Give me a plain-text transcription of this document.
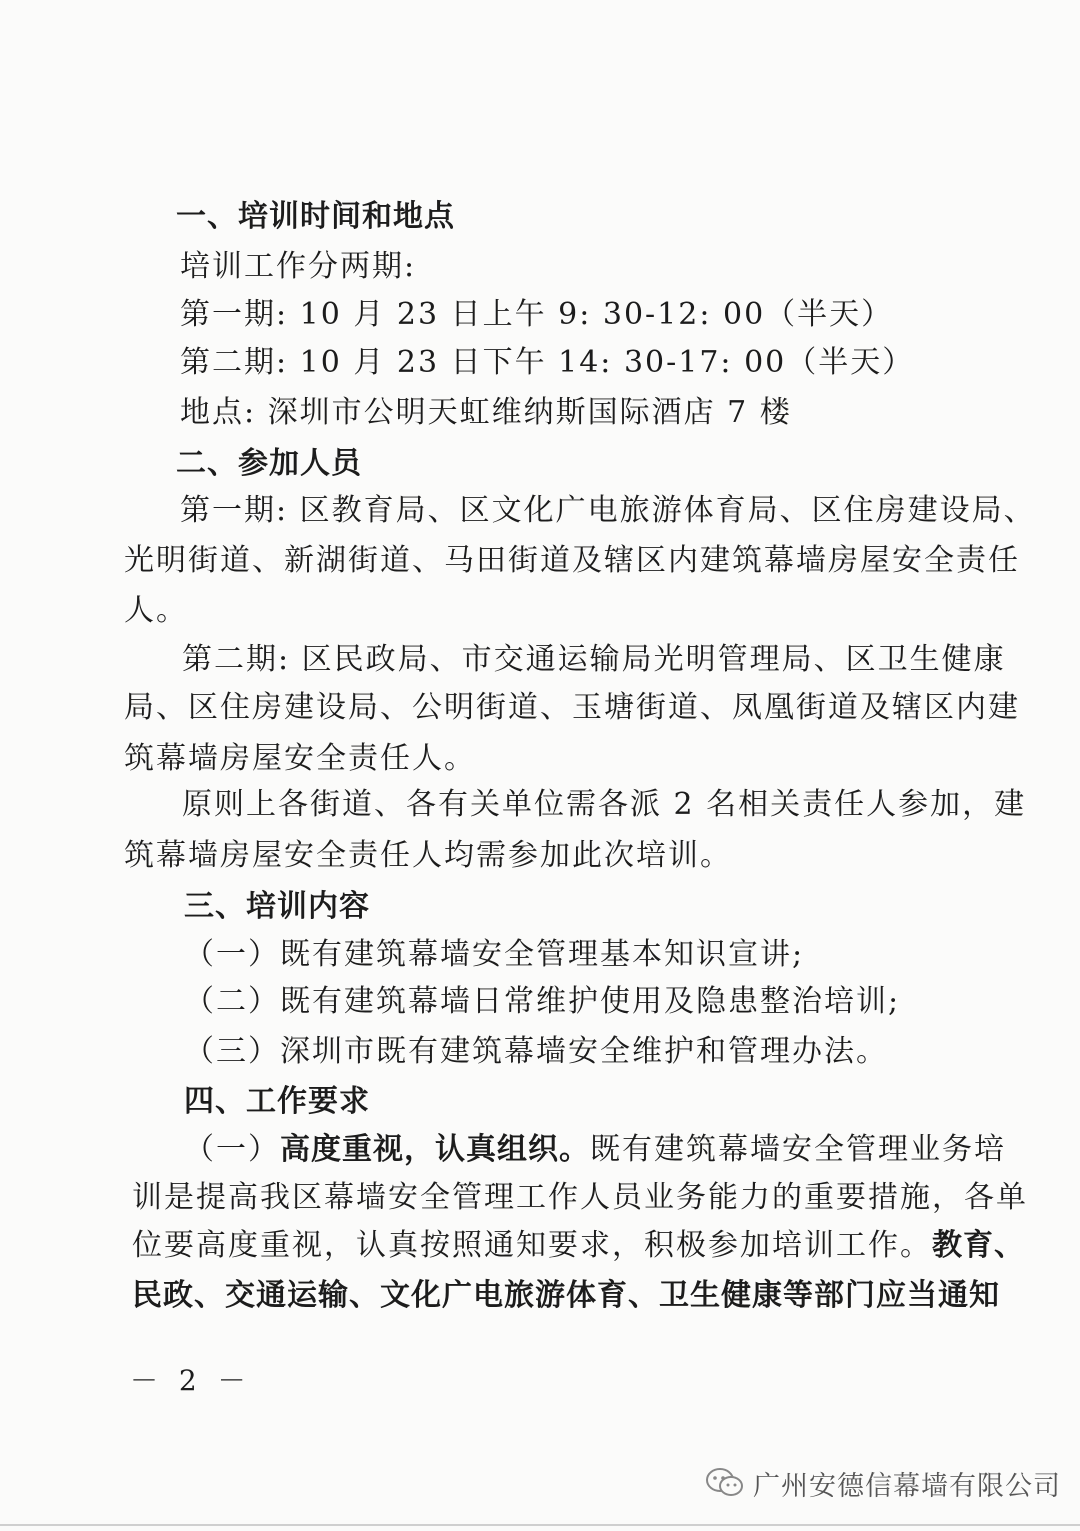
一、培训时间和地点
培训工作分两期:
第一期: 10 月 23 日上午 9: 30-12: 00（半天）
第二期: 10 月 23 日下午 14: 30-17: 00（半天）
地点: 深圳市公明天虹维纳斯国际酒店 7 楼
二、参加人员
第一期: 区教育局、区文化广电旅游体育局、区住房建设局、
光明街道、新湖街道、马田街道及辖区内建筑幕墙房屋安全责任
人。
第二期: 区民政局、市交通运输局光明管理局、区卫生健康
局、区住房建设局、公明街道、玉塘街道、凤凰街道及辖区内建
筑幕墙房屋安全责任人。
原则上各街道、各有关单位需各派 2 名相关责任人参加，建
筑幕墙房屋安全责任人均需参加此次培训。
三、培训内容
（一）既有建筑幕墙安全管理基本知识宣讲;
（二）既有建筑幕墙日常维护使用及隐患整治培训;
（三）深圳市既有建筑幕墙安全维护和管理办法。
四、工作要求
（一）高度重视，认真组织。既有建筑幕墙安全管理业务培
训是提高我区幕墙安全管理工作人员业务能力的重要措施，各单
位要高度重视，认真按照通知要求，积极参加培训工作。教育、
民政、交通运输、文化广电旅游体育、卫生健康等部门应当通知
－ 2 －
广州安德信幕墙有限公司
